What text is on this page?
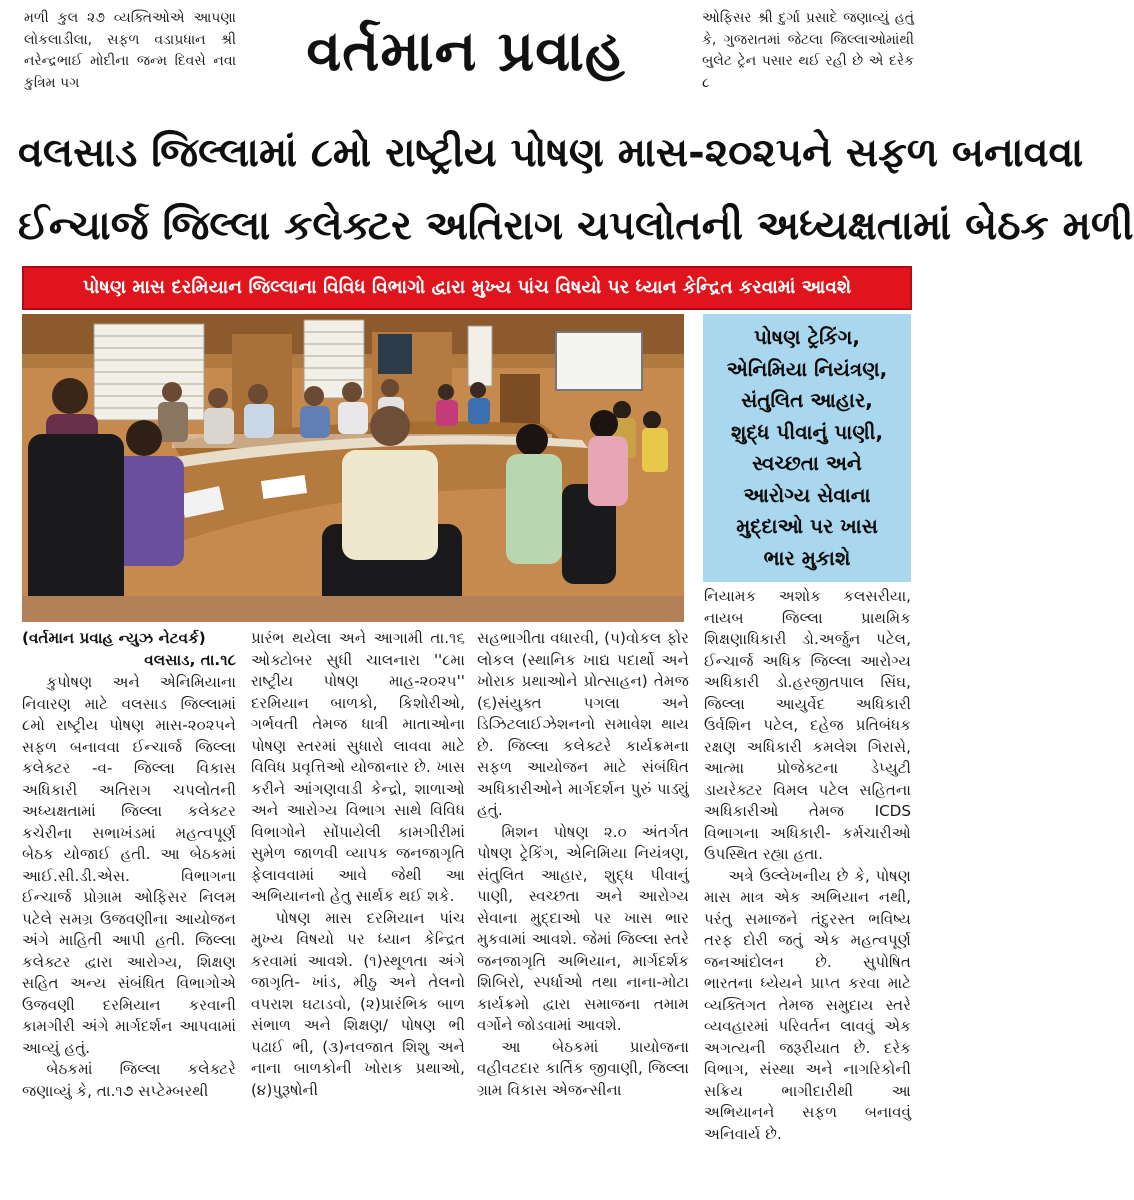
મળી કુલ ૨૭ વ્યક્તિઓએ આપણા લોકલાડીલા, સફળ વડાપ્રધાન શ્રી નરેન્દ્રભાઈ મોદીના જન્મ દિવસે નવા કુત્રિમ પગ	વર્તમાન પ્રવાહ

ઓફિસર શ્રી દુર્ગા પ્રસાદે જણાવ્યું હતું કે, ગુજરાતમાં જેટલા જિલ્લાઓમાંથી બુલેટ ટ્રેન પસાર થઈ રહી છે એ દરેક ૮

વલસાડ જિલ્લામાં ૮મો રાષ્ટ્રીય પોષણ માસ-૨૦૨૫ને સફળ બનાવવા
ઈન્ચાર્જ જિલ્લા કલેક્ટર અતિરાગ ચપલોતની અધ્યક્ષતામાં બેઠક મળી
પોષણ માસ દરમિયાન જિલ્લાના વિવિધ વિભાગો દ્વારા મુખ્ય પાંચ વિષયો પર ધ્યાન કેન્દ્રિત કરવામાં આવશે
પોષણ ટ્રેકિંગ,
એનિમિયા નિયંત્રણ,
સંતુલિત આહાર,
શુદ્ધ પીવાનું પાણી,
સ્વચ્છતા અને
આરોગ્ય સેવાના
મુદ્દાઓ પર ખાસ
ભાર મુકાશે
(વર્તમાન પ્રવાહ ન્યુઝ નેટવર્ક)
વલસાડ, તા.૧૮

કુપોષણ અને એનિમિયાના નિવારણ માટે વલસાડ જિલ્લામાં ૮મો રાષ્ટ્રીય પોષણ માસ-૨૦૨૫ને સફળ બનાવવા ઈન્ચાર્જ જિલ્લા કલેક્ટર -વ- જિલ્લા વિકાસ અધિકારી અતિરાગ ચપલોતની અધ્યક્ષતામાં જિલ્લા કલેક્ટર કચેરીના સભાખંડમાં મહત્વપૂર્ણ બેઠક યોજાઈ હતી. આ બેઠકમાં આઈ.સી.ડી.એસ. વિભાગના ઈન્ચાર્જ પ્રોગ્રામ ઓફિસર નિલમ પટેલે સમગ્ર ઉજવણીના આયોજન અંગે માહિતી આપી હતી. જિલ્લા કલેક્ટર દ્વારા આરોગ્ય, શિક્ષણ સહિત અન્ય સંબંધિત વિભાગોએ ઉજવણી દરમિયાન કરવાની કામગીરી અંગે માર્ગદર્શન આપવામાં આવ્યું હતું.

બેઠકમાં જિલ્લા કલેક્ટરે જણાવ્યું કે, તા.૧૭ સપ્ટેમ્બરથી

પ્રારંભ થયેલા અને આગામી તા.૧૬ ઓક્ટોબર સુધી ચાલનારા ''૮મા રાષ્ટ્રીય પોષણ માહ-૨૦૨૫'' દરમિયાન બાળકો, કિશોરીઓ, ગર્ભવતી તેમજ ધાત્રી માતાઓના પોષણ સ્તરમાં સુધારો લાવવા માટે વિવિધ પ્રવૃત્તિઓ યોજાનાર છે. ખાસ કરીને આંગણવાડી કેન્દ્રો, શાળાઓ અને આરોગ્ય વિભાગ સાથે વિવિધ વિભાગોને સોંપાયેલી કામગીરીમાં સુમેળ જાળવી વ્યાપક જનજાગૃતિ ફેલાવવામાં આવે જેથી આ અભિયાનનો હેતુ સાર્થક થઈ શકે.

પોષણ માસ દરમિયાન પાંચ મુખ્ય વિષયો પર ધ્યાન કેન્દ્રિત કરવામાં આવશે. (૧)સ્થૂળતા અંગે જાગૃતિ- ખાંડ, મીઠુ અને તેલનો વપરાશ ઘટાડવો, (૨)પ્રારંભિક બાળ સંભાળ અને શિક્ષણ/ પોષણ ભી પઢાઈ ભી, (૩)નવજાત શિશુ અને નાના બાળકોની ખોરાક પ્રથાઓ, (૪)પુરૂષોની

સહભાગીતા વધારવી, (૫)વોકલ ફોર લોકલ (સ્થાનિક ખાદ્ય પદાર્થો અને ખોરાક પ્રથાઓને પ્રોત્સાહન) તેમજ (૬)સંયુક્ત પગલા અને ડિઝિટલાઈઝેશનનો સમાવેશ થાય છે. જિલ્લા કલેક્ટરે કાર્યક્રમના સફળ આયોજન માટે સંબંધિત અધિકારીઓને માર્ગદર્શન પુરું પાડ્યું હતું.

મિશન પોષણ ૨.૦ અંતર્ગત પોષણ ટ્રેકિંગ, એનિમિયા નિયંત્રણ, સંતુલિત આહાર, શુદ્ધ પીવાનું પાણી, સ્વચ્છતા અને આરોગ્ય સેવાના મુદ્દાઓ પર ખાસ ભાર મુકવામાં આવશે. જેમાં જિલ્લા સ્તરે જનજાગૃતિ અભિયાન, માર્ગદર્શક શિબિરો, સ્પર્ધાઓ તથા નાના-મોટા કાર્યક્રમો દ્વારા સમાજના તમામ વર્ગોને જોડવામાં આવશે.

આ બેઠકમાં પ્રાયોજના વહીવટદાર કાર્તિક જીવાણી, જિલ્લા ગ્રામ વિકાસ એજન્સીના

નિયામક અશોક કલસરીયા, નાયબ જિલ્લા પ્રાથમિક શિક્ષણાધિકારી ડો.અર્જુન પટેલ, ઈન્ચાર્જ અધિક જિલ્લા આરોગ્ય અધિકારી ડો.હરજીતપાલ સિંઘ, જિલ્લા આયુર્વેદ અધિકારી ઉર્વશિન પટેલ, દહેજ પ્રતિબંધક રક્ષણ અધિકારી કમલેશ ગિરાસે, આત્મા પ્રોજેક્ટના ડેપ્યુટી ડાયરેક્ટર વિમલ પટેલ સહિતના અધિકારીઓ તેમજ ICDS વિભાગના અધિકારી- કર્મચારીઓ ઉપસ્થિત રહ્યા હતા.

અત્રે ઉલ્લેખનીય છે કે, પોષણ માસ માત્ર એક અભિયાન નથી, પરંતુ સમાજને તંદુરસ્ત ભવિષ્ય તરફ દોરી જતું એક મહત્વપૂર્ણ જનઆંદોલન છે. સુપોષિત ભારતના ધ્યેયને પ્રાપ્ત કરવા માટે વ્યક્તિગત તેમજ સમુદાય સ્તરે વ્યવહારમાં પરિવર્તન લાવવું એક અગત્યની જરૂરીયાત છે. દરેક વિભાગ, સંસ્થા અને નાગરિકોની સક્રિય ભાગીદારીથી આ અભિયાનને સફળ બનાવવું અનિવાર્ય છે.
